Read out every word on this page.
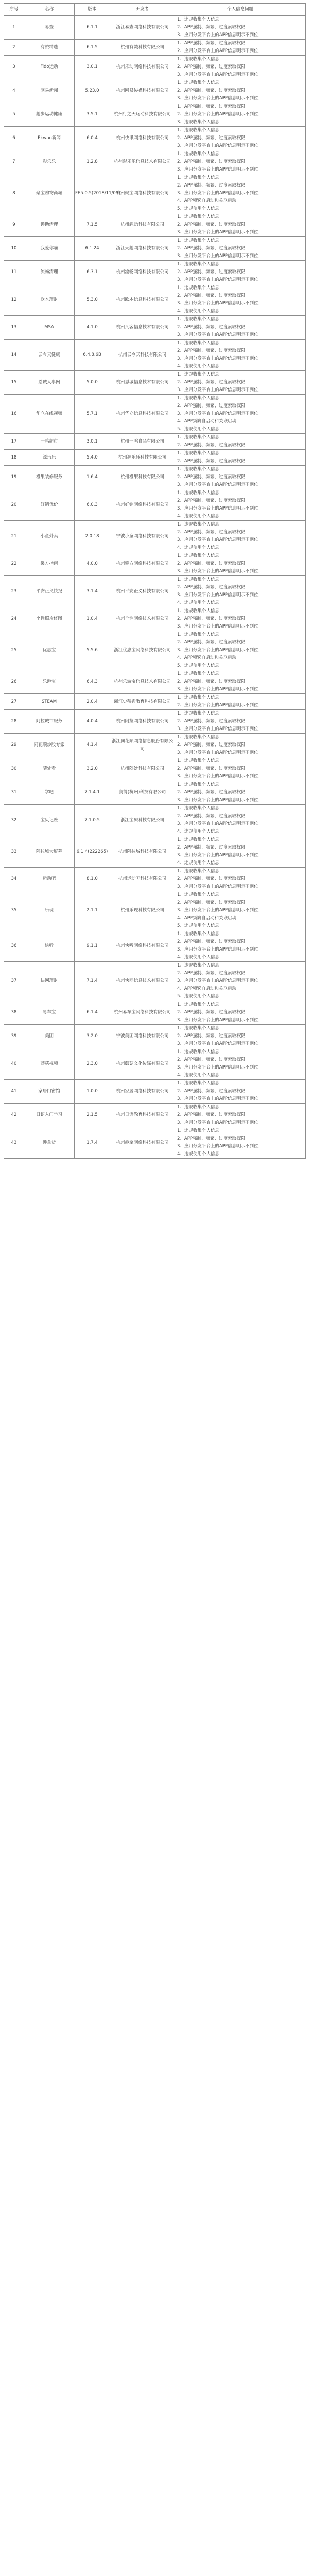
序号	名称	版本	开发者	个人信息问题
1	易查	6.1.1	浙江易查网络科技有限公司	1、违规收集个人信息
2、APP强制、频繁、过度索取权限
3、应用分发平台上的APP信息明示不到位

2	有赞精选	6.1.5	杭州有赞科技有限公司	1、APP强制、频繁、过度索取权限
2、应用分发平台上的APP信息明示不到位

3	Fido运动	3.0.1	杭州乐动网络科技有限公司	1、违规收集个人信息
2、APP强制、频繁、过度索取权限
3、应用分发平台上的APP信息明示不到位

4	网易新闻	5.23.0	杭州网易传媒科技有限公司	1、违规收集个人信息
2、APP强制、频繁、过度索取权限
3、应用分发平台上的APP信息明示不到位

5	趣步运动健康	3.5.1	杭州行之天运动科技有限公司	1、APP强制、频繁、过度索取权限
2、应用分发平台上的APP信息明示不到位
3、违规收集个人信息

6	Ekwan新闻	6.0.4	杭州快讯网络科技有限公司	1、违规收集个人信息
2、APP强制、频繁、过度索取权限
3、应用分发平台上的APP信息明示不到位

7	彩乐乐	1.2.8	杭州彩乐乐信息技术有限公司	1、违规收集个人信息
2、APP强制、频繁、过度索取权限
3、应用分发平台上的APP信息明示不到位

8	聚宝购物商城	FE5.0.5(2018/11/05)	杭州聚宝网络科技有限公司	1、违规收集个人信息
2、APP强制、频繁、过度索取权限
3、应用分发平台上的APP信息明示不到位
4、APP频繁自启动和关联启动
5、违规使用个人信息

9	趣助清理	7.1.5	杭州趣助科技有限公司	1、违规收集个人信息
2、APP强制、频繁、过度索取权限
3、应用分发平台上的APP信息明示不到位

10	我爱你喵	6.1.24	浙江天趣网络科技有限公司	1、违规收集个人信息
2、APP强制、频繁、过度索取权限
3、应用分发平台上的APP信息明示不到位

11	流畅清理	6.3.1	杭州流畅网络科技有限公司	1、违规收集个人信息
2、APP强制、频繁、过度索取权限
3、应用分发平台上的APP信息明示不到位

12	欧本理财	5.3.0	杭州欧本信息科技有限公司	1、违规收集个人信息
2、APP强制、频繁、过度索取权限
3、应用分发平台上的APP信息明示不到位
4、违规使用个人信息

13	MSA	4.1.0	杭州凡客信息技术有限公司	1、违规收集个人信息
2、APP强制、频繁、过度索取权限
3、应用分发平台上的APP信息明示不到位

14	云今天健康	6.4.8.6B	杭州云今天科技有限公司	1、违规收集个人信息
2、APP强制、频繁、过度索取权限
3、应用分发平台上的APP信息明示不到位
4、违规使用个人信息

15	恩城人事网	5.0.0	杭州恩城信息技术有限公司	1、违规收集个人信息
2、APP强制、频繁、过度索取权限
3、应用分发平台上的APP信息明示不到位

16	华立在线视频	5.7.1	杭州华立信息科技有限公司	1、违规收集个人信息
2、APP强制、频繁、过度索取权限
3、应用分发平台上的APP信息明示不到位
4、APP频繁自启动和关联启动
5、违规使用个人信息

17	一鸣超市	3.0.1	杭州一鸣食品有限公司	1、违规收集个人信息
2、APP强制、频繁、过度索取权限

18	源乐乐	5.4.0	杭州源乐乐科技有限公司	1、违规收集个人信息
2、APP强制、频繁、过度索取权限

19	橙果装修服务	1.6.4	杭州橙果科技有限公司	1、违规收集个人信息
2、APP强制、频繁、过度索取权限
3、应用分发平台上的APP信息明示不到位

20	好销优价	6.0.3	杭州好销网络科技有限公司	1、违规收集个人信息
2、APP强制、频繁、过度索取权限
3、应用分发平台上的APP信息明示不到位
4、违规使用个人信息

21	小童外卖	2.0.18	宁波小童网络科技有限公司	1、违规收集个人信息
2、APP强制、频繁、过度索取权限
3、应用分发平台上的APP信息明示不到位
4、违规使用个人信息

22	馨方指南	4.0.0	杭州馨方网络科技有限公司	1、违规收集个人信息
2、APP强制、频繁、过度索取权限
3、应用分发平台上的APP信息明示不到位

23	平安正义快报	3.1.4	杭州平安正义科技有限公司	1、违规收集个人信息
2、APP强制、频繁、过度索取权限
3、应用分发平台上的APP信息明示不到位
4、违规使用个人信息

24	个性照片修图	1.0.4	杭州个性网络技术有限公司	1、违规收集个人信息
2、APP强制、频繁、过度索取权限
3、应用分发平台上的APP信息明示不到位

25	优惠宝	5.5.6	浙江优惠宝网络科技有限公司	1、违规收集个人信息
2、APP强制、频繁、过度索取权限
3、应用分发平台上的APP信息明示不到位
4、APP频繁自启动和关联启动
5、违规使用个人信息

26	乐游宝	6.4.3	杭州乐游宝信息技术有限公司	1、违规收集个人信息
2、APP强制、频繁、过度索取权限
3、应用分发平台上的APP信息明示不到位

27	STEAM	2.0.4	浙江史蒂姆教育科技有限公司	1、违规收集个人信息
2、应用分发平台上的APP信息明示不到位

28	阿拉城市服务	4.0.4	杭州阿拉网络科技有限公司	1、违规收集个人信息
2、APP强制、频繁、过度索取权限
3、应用分发平台上的APP信息明示不到位

29	同花顺炒股专家	4.1.4	浙江同花顺网络信息股份有限公司	1、违规收集个人信息
2、APP强制、频繁、过度索取权限
3、应用分发平台上的APP信息明示不到位

30	随处看	3.2.0	杭州随处科技有限公司	1、违规收集个人信息
2、APP强制、频繁、过度索取权限
3、应用分发平台上的APP信息明示不到位

31	学吧	7.1.4.1	美得(杭州)科技有限公司	1、违规收集个人信息
2、APP强制、频繁、过度索取权限
3、应用分发平台上的APP信息明示不到位

32	宝贝记账	7.1.0.5	浙江宝贝科技有限公司	1、违规收集个人信息
2、APP强制、频繁、过度索取权限
3、应用分发平台上的APP信息明示不到位
4、违规使用个人信息

33	阿拉城大屏幕	6.1.4(222265)	杭州阿拉城科技有限公司	1、违规收集个人信息
2、APP强制、频繁、过度索取权限
3、应用分发平台上的APP信息明示不到位
4、违规使用个人信息

34	运动吧	8.1.0	杭州运动吧科技有限公司	1、违规收集个人信息
2、APP强制、频繁、过度索取权限
3、应用分发平台上的APP信息明示不到位

35	乐现	2.1.1	杭州乐现科技有限公司	1、违规收集个人信息
2、APP强制、频繁、过度索取权限
3、应用分发平台上的APP信息明示不到位
4、APP频繁自启动和关联启动
5、违规使用个人信息

36	快听	9.1.1	杭州快听网络科技有限公司	1、违规收集个人信息
2、APP强制、频繁、过度索取权限
3、应用分发平台上的APP信息明示不到位
4、违规使用个人信息

37	快网理财	7.1.4	杭州快网信息技术有限公司	1、违规收集个人信息
2、APP强制、频繁、过度索取权限
3、应用分发平台上的APP信息明示不到位
4、APP频繁自启动和关联启动
5、违规使用个人信息

38	易车宝	6.1.4	杭州易车宝网络科技有限公司	1、违规收集个人信息
2、APP强制、频繁、过度索取权限
3、应用分发平台上的APP信息明示不到位

39	美团	3.2.0	宁波美团网络科技有限公司	1、违规收集个人信息
2、APP强制、频繁、过度索取权限
3、应用分发平台上的APP信息明示不到位

40	蘑菇视频	2.3.0	杭州蘑菇文化传媒有限公司	1、违规收集个人信息
2、APP强制、频繁、过度索取权限
3、应用分发平台上的APP信息明示不到位
4、违规使用个人信息

41	家居门窗馆	1.0.0	杭州家居网络科技有限公司	1、违规收集个人信息
2、APP强制、频繁、过度索取权限
3、应用分发平台上的APP信息明示不到位

42	日语入门学习	2.1.5	杭州日语教育科技有限公司	1、违规收集个人信息
2、APP强制、频繁、过度索取权限
3、应用分发平台上的APP信息明示不到位

43	趣拿货	1.7.4	杭州趣拿网络科技有限公司	1、违规收集个人信息
2、APP强制、频繁、过度索取权限
3、应用分发平台上的APP信息明示不到位
4、违规使用个人信息
